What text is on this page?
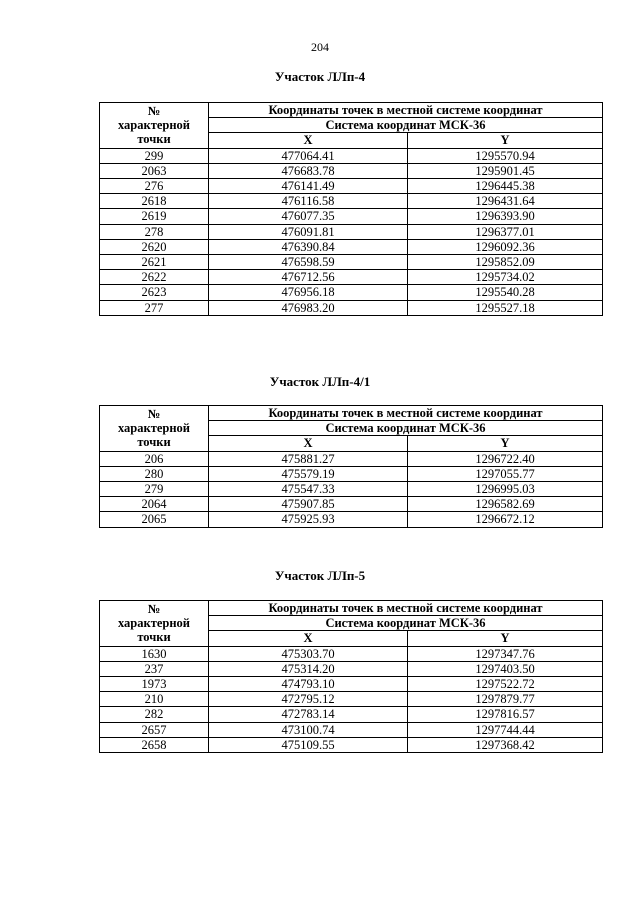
204
Участок ЛЛп-4
№
характерной
точки	Координаты точек в местной системе координат	
	Система координат МСК-36	
	X	Y
299	477064.41	1295570.94
2063	476683.78	1295901.45
276	476141.49	1296445.38
2618	476116.58	1296431.64
2619	476077.35	1296393.90
278	476091.81	1296377.01
2620	476390.84	1296092.36
2621	476598.59	1295852.09
2622	476712.56	1295734.02
2623	476956.18	1295540.28
277	476983.20	1295527.18
Участок ЛЛп-4/1
№
характерной
точки	Координаты точек в местной системе координат	
	Система координат МСК-36	
	X	Y
206	475881.27	1296722.40
280	475579.19	1297055.77
279	475547.33	1296995.03
2064	475907.85	1296582.69
2065	475925.93	1296672.12
Участок ЛЛп-5
№
характерной
точки	Координаты точек в местной системе координат	
	Система координат МСК-36	
	X	Y
1630	475303.70	1297347.76
237	475314.20	1297403.50
1973	474793.10	1297522.72
210	472795.12	1297879.77
282	472783.14	1297816.57
2657	473100.74	1297744.44
2658	475109.55	1297368.42
